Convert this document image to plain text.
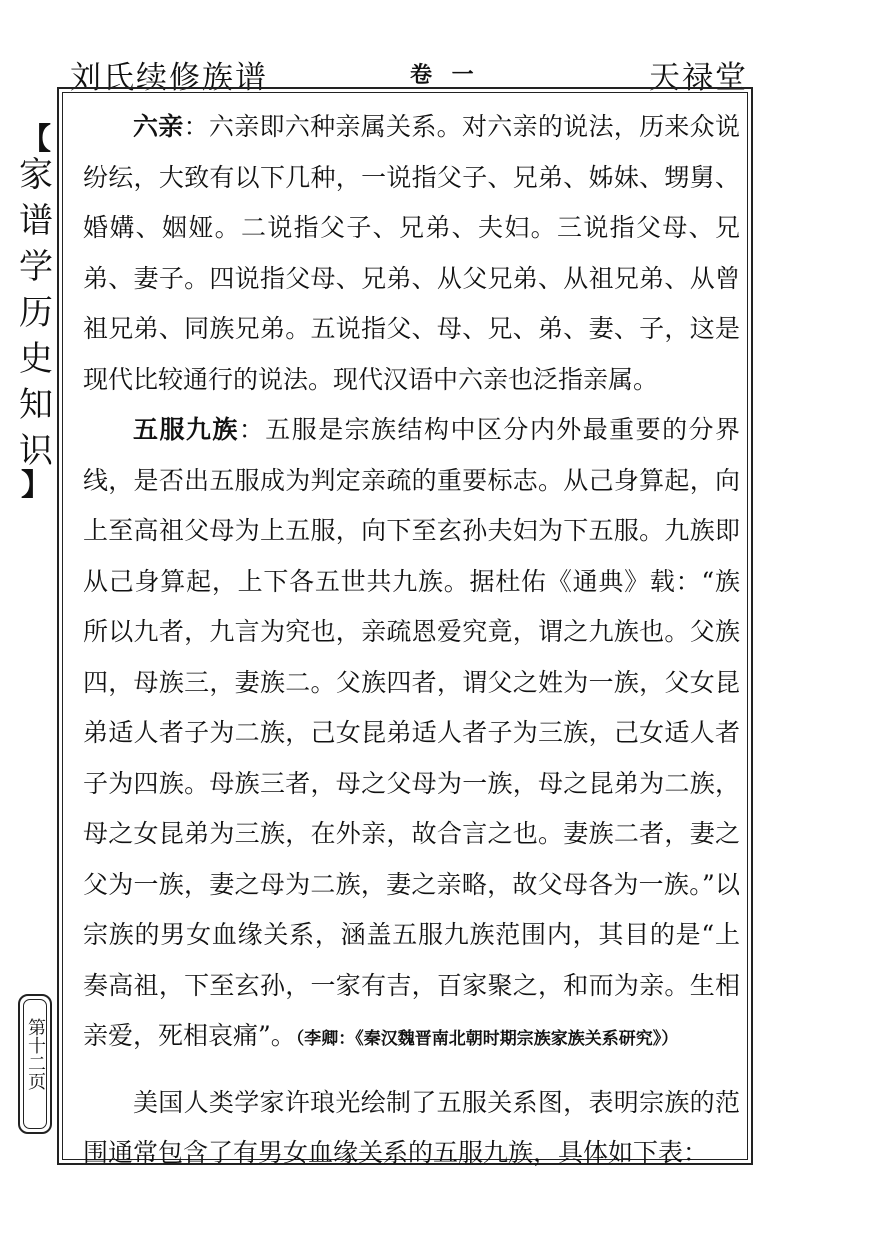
刘氏续修族谱	卷 一	天禄堂
【
家
谱
学
历
史
知
识
】
第十二页

六亲：六亲即六种亲属关系。对六亲的说法，历来众说纷纭，大致有以下几种，一说指父子、兄弟、姊妹、甥舅、婚媾、姻娅。二说指父子、兄弟、夫妇。三说指父母、兄弟、妻子。四说指父母、兄弟、从父兄弟、从祖兄弟、从曾祖兄弟、同族兄弟。五说指父、母、兄、弟、妻、子，这是现代比较通行的说法。现代汉语中六亲也泛指亲属。

五服九族：五服是宗族结构中区分内外最重要的分界线，是否出五服成为判定亲疏的重要标志。从己身算起，向上至高祖父母为上五服，向下至玄孙夫妇为下五服。九族即从己身算起，上下各五世共九族。据杜佑《通典》载：“族所以九者，九言为究也，亲疏恩爱究竟，谓之九族也。父族四，母族三，妻族二。父族四者，谓父之姓为一族，父女昆弟适人者子为二族，己女昆弟适人者子为三族，己女适人者子为四族。母族三者，母之父母为一族，母之昆弟为二族，母之女昆弟为三族，在外亲，故合言之也。妻族二者，妻之父为一族，妻之母为二族，妻之亲略，故父母各为一族。”以宗族的男女血缘关系，涵盖五服九族范围内，其目的是“上奏高祖，下至玄孙，一家有吉，百家聚之，和而为亲。生相亲爱，死相哀痛”。（李卿：《秦汉魏晋南北朝时期宗族家族关系研究》）

美国人类学家许琅光绘制了五服关系图，表明宗族的范围通常包含了有男女血缘关系的五服九族，具体如下表：
